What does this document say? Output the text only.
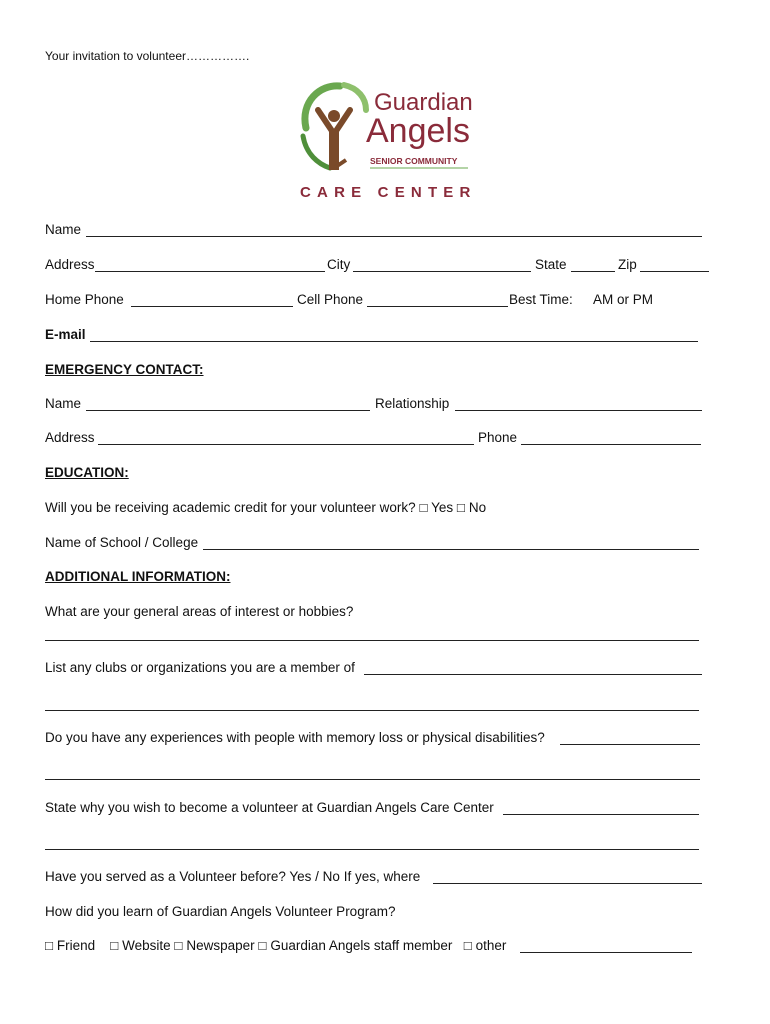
Your invitation to volunteer…………….
Guardian
Angels
SENIOR COMMUNITY
CARE CENTER
Name
Address	City	State	Zip
Home Phone	Cell Phone	Best Time: AM or PM
E-mail
EMERGENCY CONTACT:
Name	Relationship
Address	Phone
EDUCATION:
Will you be receiving academic credit for your volunteer work? □ Yes □ No
Name of School / College
ADDITIONAL INFORMATION:
What are your general areas of interest or hobbies?
List any clubs or organizations you are a member of
Do you have any experiences with people with memory loss or physical disabilities?
State why you wish to become a volunteer at Guardian Angels Care Center
Have you served as a Volunteer before? Yes / No If yes, where
How did you learn of Guardian Angels Volunteer Program?
□ Friend □ Website □ Newspaper □ Guardian Angels staff member □ other
